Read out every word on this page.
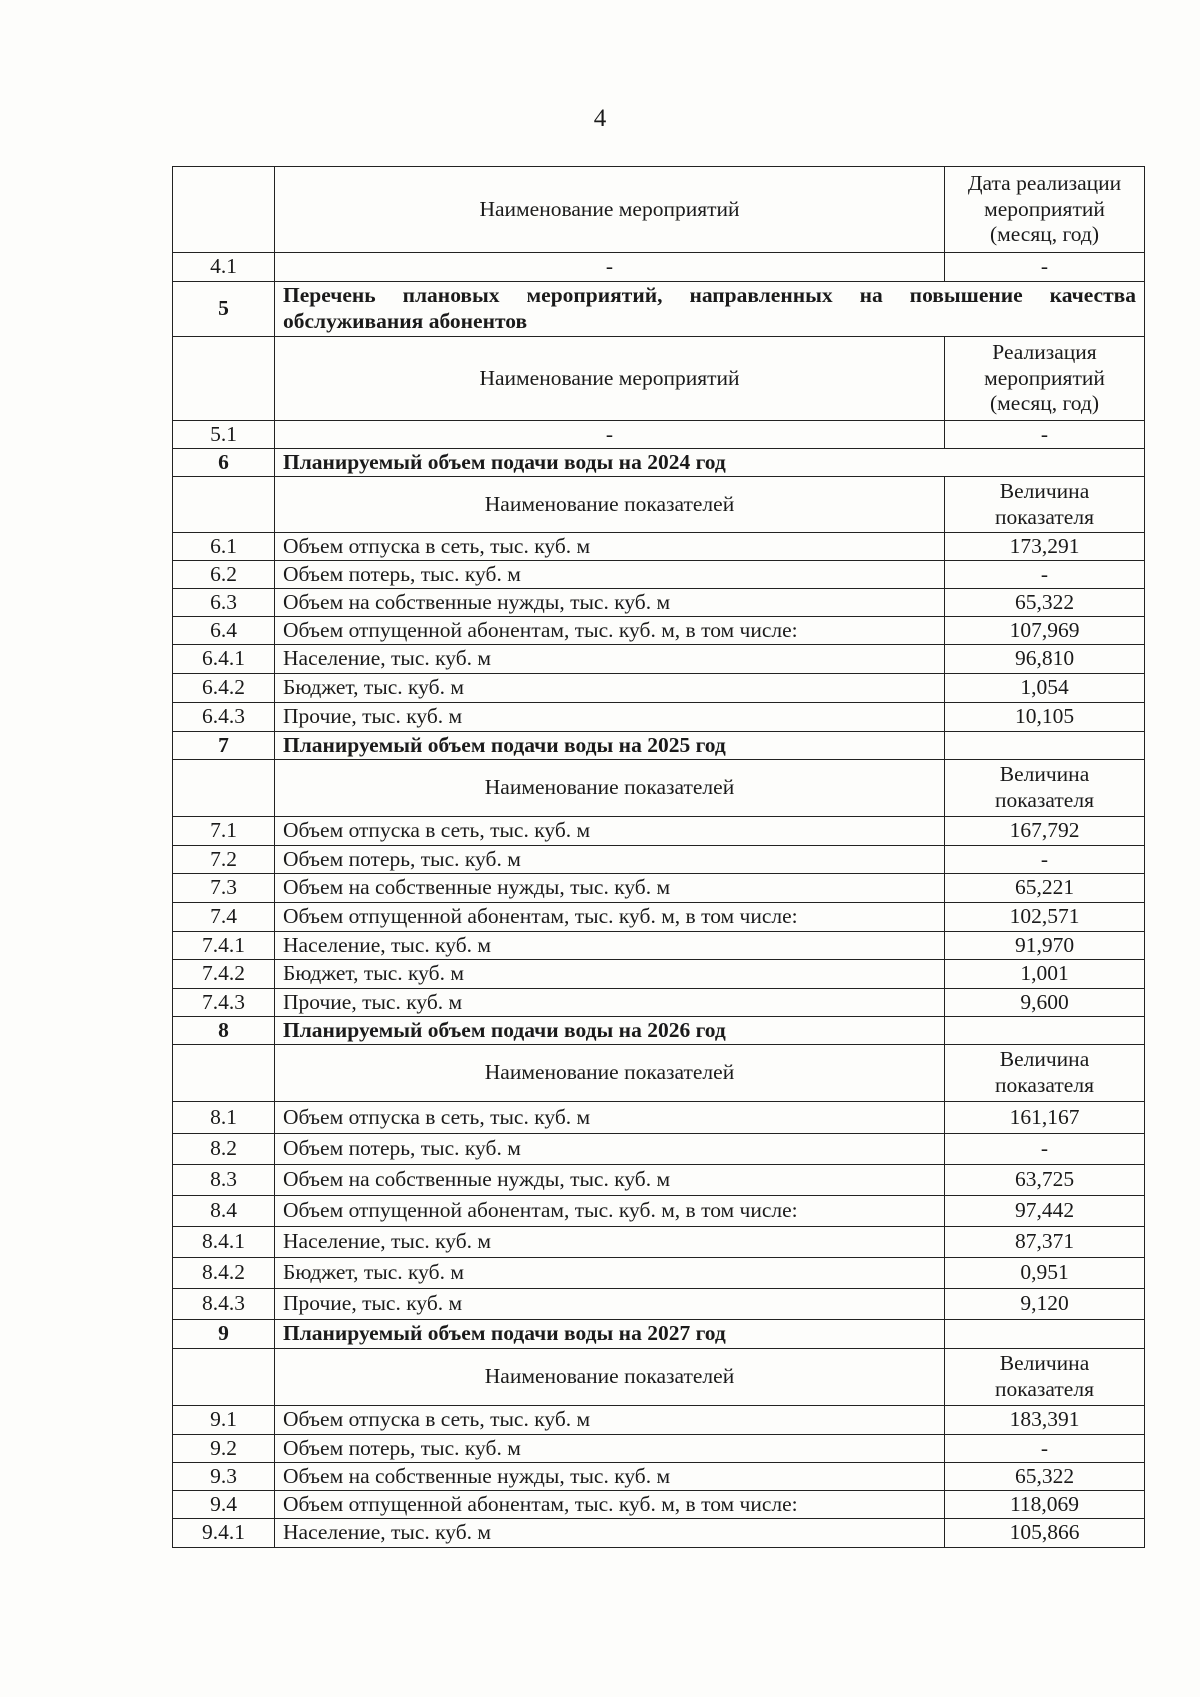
4
	Наименование мероприятий	Дата реализации мероприятий (месяц, год)
4.1	-	-
5	Перечень плановых мероприятий, направленных на повышение качества обслуживания абонентов	
	Наименование мероприятий	Реализация мероприятий (месяц, год)
5.1	-	-
6	Планируемый объем подачи воды на 2024 год	
	Наименование показателей	Величина показателя
6.1	Объем отпуска в сеть, тыс. куб. м	173,291
6.2	Объем потерь, тыс. куб. м	-
6.3	Объем на собственные нужды, тыс. куб. м	65,322
6.4	Объем отпущенной абонентам, тыс. куб. м, в том числе:	107,969
6.4.1	Население, тыс. куб. м	96,810
6.4.2	Бюджет, тыс. куб. м	1,054
6.4.3	Прочие, тыс. куб. м	10,105
7	Планируемый объем подачи воды на 2025 год	
	Наименование показателей	Величина показателя
7.1	Объем отпуска в сеть, тыс. куб. м	167,792
7.2	Объем потерь, тыс. куб. м	-
7.3	Объем на собственные нужды, тыс. куб. м	65,221
7.4	Объем отпущенной абонентам, тыс. куб. м, в том числе:	102,571
7.4.1	Население, тыс. куб. м	91,970
7.4.2	Бюджет, тыс. куб. м	1,001
7.4.3	Прочие, тыс. куб. м	9,600
8	Планируемый объем подачи воды на 2026 год	
	Наименование показателей	Величина показателя
8.1	Объем отпуска в сеть, тыс. куб. м	161,167
8.2	Объем потерь, тыс. куб. м	-
8.3	Объем на собственные нужды, тыс. куб. м	63,725
8.4	Объем отпущенной абонентам, тыс. куб. м, в том числе:	97,442
8.4.1	Население, тыс. куб. м	87,371
8.4.2	Бюджет, тыс. куб. м	0,951
8.4.3	Прочие, тыс. куб. м	9,120
9	Планируемый объем подачи воды на 2027 год	
	Наименование показателей	Величина показателя
9.1	Объем отпуска в сеть, тыс. куб. м	183,391
9.2	Объем потерь, тыс. куб. м	-
9.3	Объем на собственные нужды, тыс. куб. м	65,322
9.4	Объем отпущенной абонентам, тыс. куб. м, в том числе:	118,069
9.4.1	Население, тыс. куб. м	105,866
